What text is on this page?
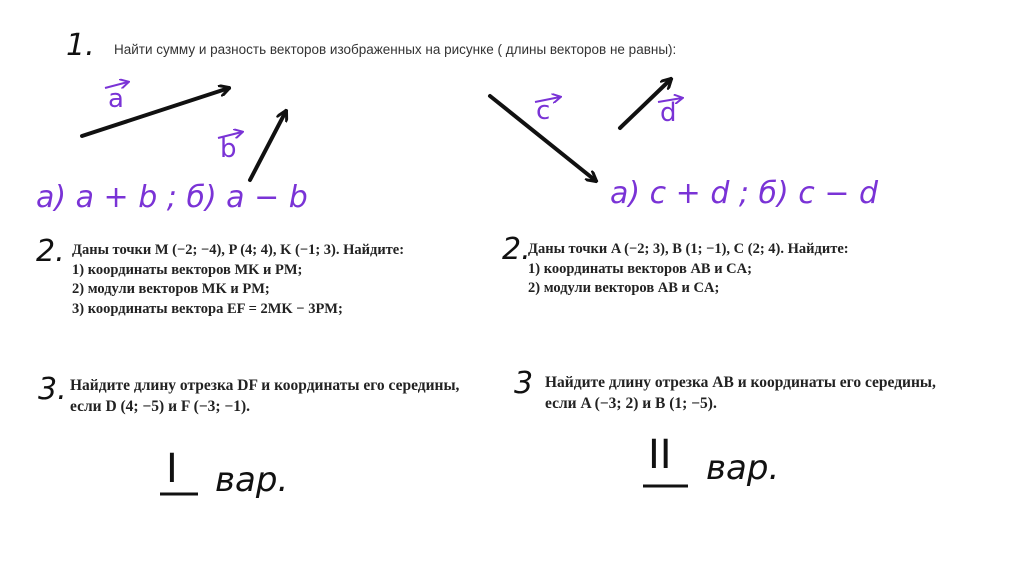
1. Найти сумму и разность векторов изображенных на рисунке ( длины векторов не равны):
a
b
c	d
а) a + b ; б) a − b	а) c + d ; б) c − d
2. Даны точки M (−2; −4), P (4; 4), K (−1; 3). Найдите:
1) координаты векторов MK и PM;
2) модули векторов MK и PM;
3) координаты вектора EF = 2MK − 3PM;
2.
Даны точки A (−2; 3), B (1; −1), C (2; 4). Найдите:
1) координаты векторов AB и CA;
2) модули векторов AB и CA;
3. Найдите длину отрезка DF и координаты его середины,
если D (4; −5) и F (−3; −1).
3 Найдите длину отрезка AB и координаты его середины,
если A (−3; 2) и B (1; −5).
I вар.
II вар.
